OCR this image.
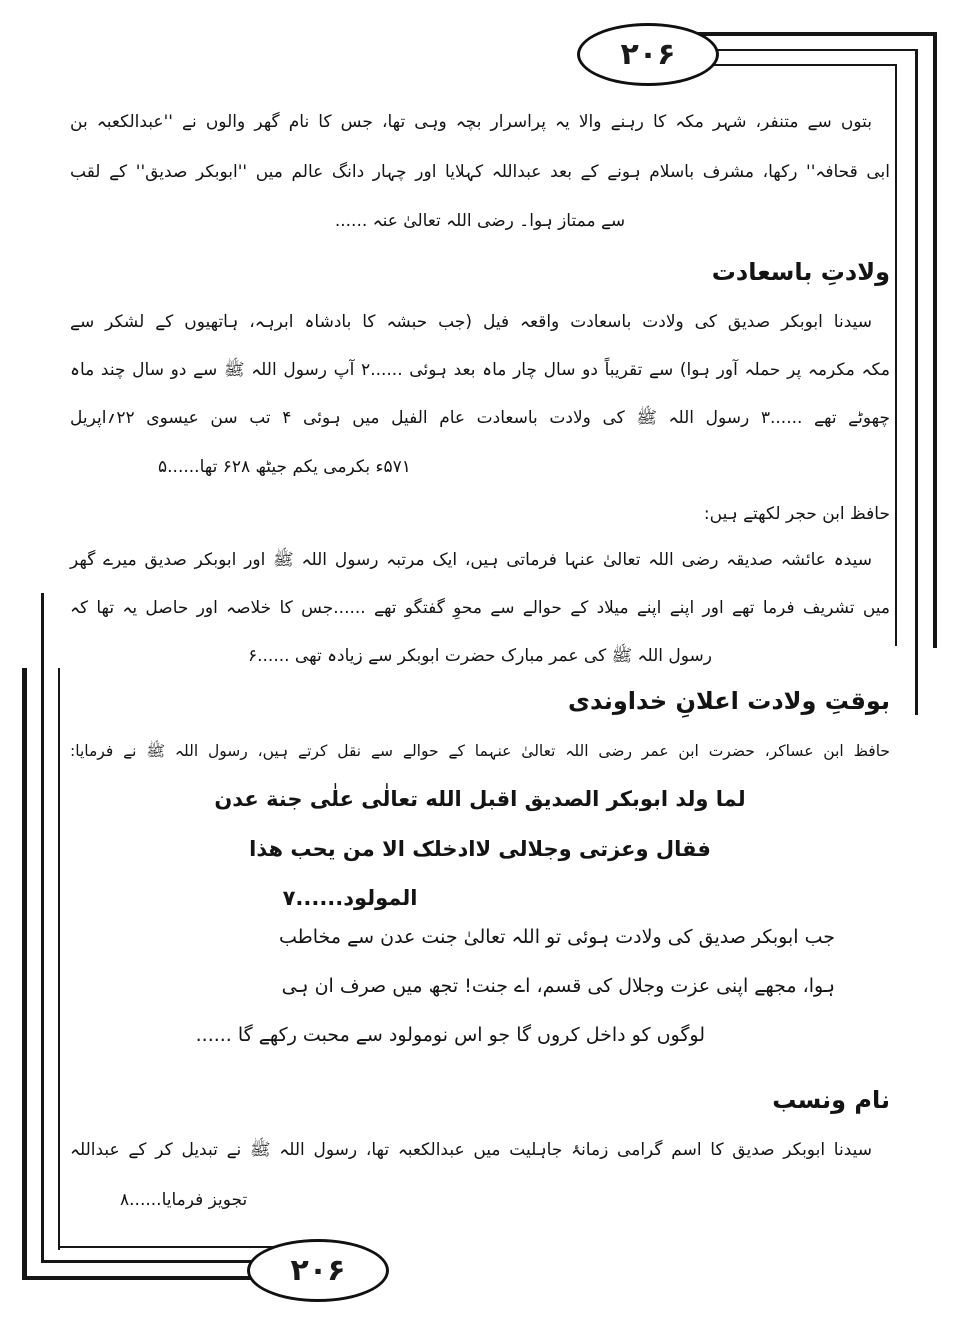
۲۰۶
۲۰۶
بتوں سے متنفر، شہر مکہ کا رہنے والا یہ پراسرار بچہ وہی تھا، جس کا نام گھر والوں نے ''عبدالکعبہ بن
ابی قحافہ'' رکھا، مشرف باسلام ہونے کے بعد عبداللہ کہلایا اور چہار دانگ عالم میں ''ابوبکر صدیق'' کے لقب
سے ممتاز ہوا۔ رضی اللہ تعالیٰ عنہ ......
ولادتِ باسعادت
سیدنا ابوبکر صدیق کی ولادت باسعادت واقعہ فیل (جب حبشہ کا بادشاہ ابرہہ، ہاتھیوں کے لشکر سے
مکہ مکرمہ پر حملہ آور ہوا) سے تقریباً دو سال چار ماہ بعد ہوئی ......۲ آپ رسول اللہ ﷺ سے دو سال چند ماہ
چھوٹے تھے ......۳ رسول اللہ ﷺ کی ولادت باسعادت عام الفیل میں ہوئی ۴ تب سن عیسوی ۲۲؍اپریل
۵۷۱ء بکرمی یکم جیٹھ ۶۲۸ تھا......۵
حافظ ابن حجر لکھتے ہیں:
سیدہ عائشہ صدیقہ رضی اللہ تعالیٰ عنہا فرماتی ہیں، ایک مرتبہ رسول اللہ ﷺ اور ابوبکر صدیق میرے گھر
میں تشریف فرما تھے اور اپنے اپنے میلاد کے حوالے سے محوِ گفتگو تھے ......جس کا خلاصہ اور حاصل یہ تھا کہ
رسول اللہ ﷺ کی عمر مبارک حضرت ابوبکر سے زیادہ تھی ......۶
بوقتِ ولادت اعلانِ خداوندی
حافظ ابن عساکر، حضرت ابن عمر رضی اللہ تعالیٰ عنہما کے حوالے سے نقل کرتے ہیں، رسول اللہ ﷺ نے فرمایا:
لما ولد ابوبکر الصدیق اقبل الله تعالٰی علٰی جنة عدن
فقال وعزتی وجلالی لاادخلک الا من یحب هذا
المولود......۷
جب ابوبکر صدیق کی ولادت ہوئی تو اللہ تعالیٰ جنت عدن سے مخاطب
ہوا، مجھے اپنی عزت وجلال کی قسم، اے جنت! تجھ میں صرف ان ہی
لوگوں کو داخل کروں گا جو اس نومولود سے محبت رکھے گا ......
نام ونسب
سیدنا ابوبکر صدیق کا اسم گرامی زمانۂ جاہلیت میں عبدالکعبہ تھا، رسول اللہ ﷺ نے تبدیل کر کے عبداللہ
تجویز فرمایا......۸
